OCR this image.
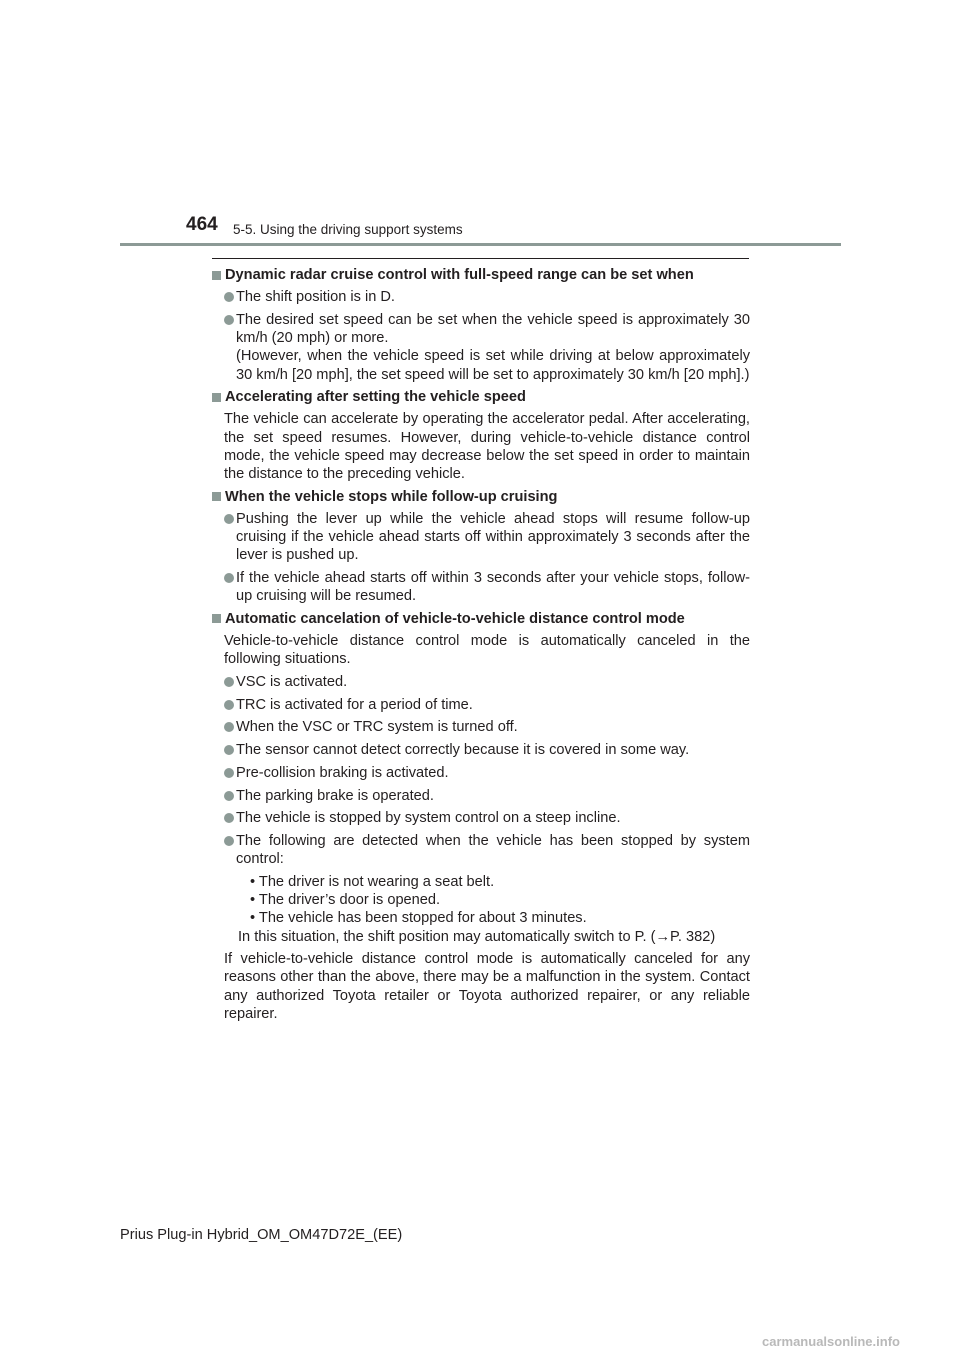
464 5-5. Using the driving support systems
Dynamic radar cruise control with full-speed range can be set when
The shift position is in D.
The desired set speed can be set when the vehicle speed is approximately 30 km/h (20 mph) or more.
(However, when the vehicle speed is set while driving at below approximately 30 km/h [20 mph], the set speed will be set to approximately 30 km/h [20 mph].)
Accelerating after setting the vehicle speed
The vehicle can accelerate by operating the accelerator pedal. After accelerating, the set speed resumes. However, during vehicle-to-vehicle distance control mode, the vehicle speed may decrease below the set speed in order to maintain the distance to the preceding vehicle.
When the vehicle stops while follow-up cruising
Pushing the lever up while the vehicle ahead stops will resume follow-up cruising if the vehicle ahead starts off within approximately 3 seconds after the lever is pushed up.
If the vehicle ahead starts off within 3 seconds after your vehicle stops, follow-up cruising will be resumed.
Automatic cancelation of vehicle-to-vehicle distance control mode
Vehicle-to-vehicle distance control mode is automatically canceled in the following situations.
VSC is activated.
TRC is activated for a period of time.
When the VSC or TRC system is turned off.
The sensor cannot detect correctly because it is covered in some way.
Pre-collision braking is activated.
The parking brake is operated.
The vehicle is stopped by system control on a steep incline.
The following are detected when the vehicle has been stopped by system control:
• The driver is not wearing a seat belt.
• The driver’s door is opened.
• The vehicle has been stopped for about 3 minutes.
In this situation, the shift position may automatically switch to P. (→P. 382)
If vehicle-to-vehicle distance control mode is automatically canceled for any reasons other than the above, there may be a malfunction in the system. Contact any authorized Toyota retailer or Toyota authorized repairer, or any reliable repairer.
Prius Plug-in Hybrid_OM_OM47D72E_(EE)
carmanualsonline.info
